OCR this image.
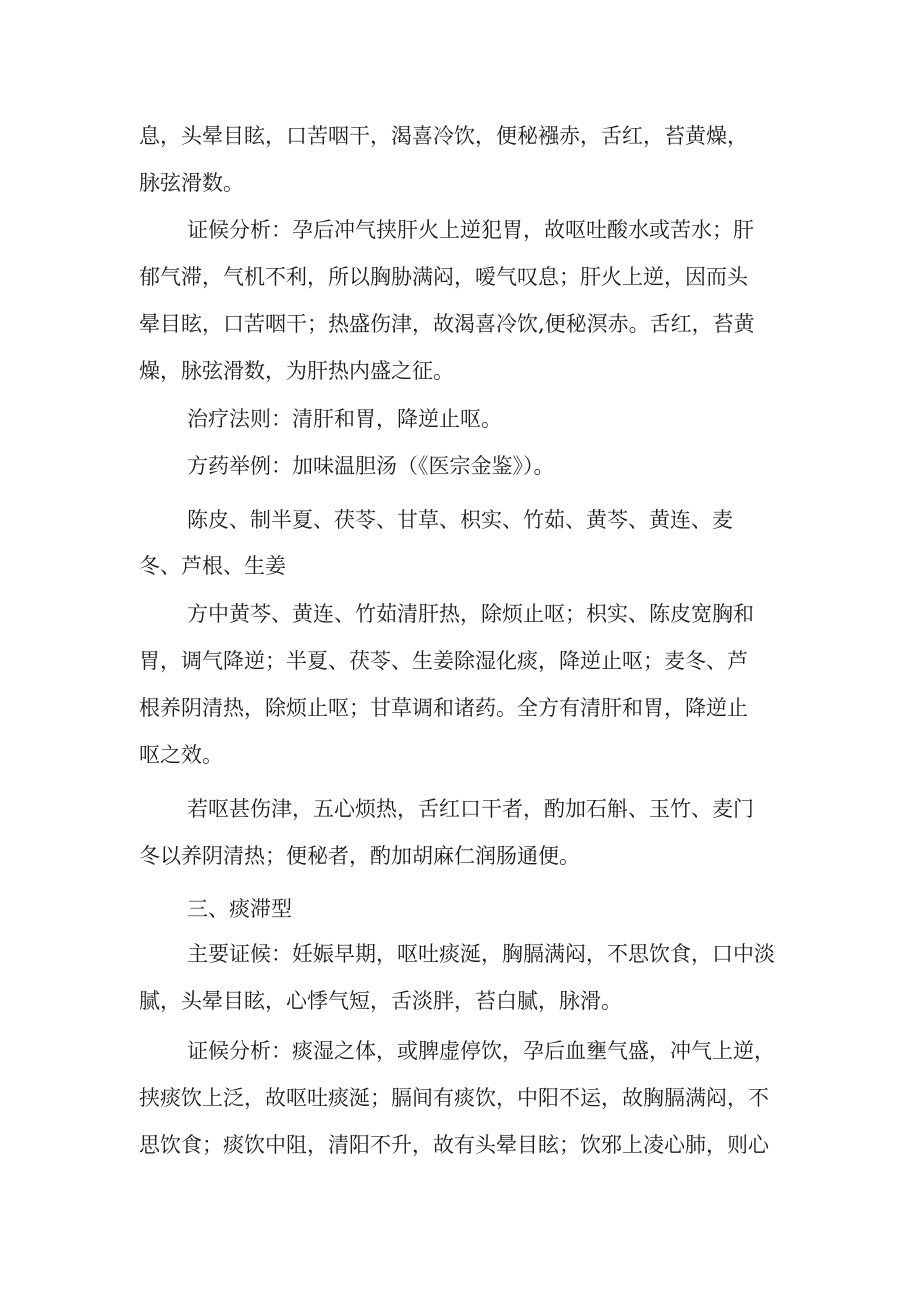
息，头晕目眩，口苦咽干，渴喜冷饮，便秘襁赤，舌红，苔黄燥，

脉弦滑数。

证候分析：孕后冲气挟肝火上逆犯胃，故呕吐酸水或苦水；肝

郁气滞，气机不利，所以胸胁满闷，嗳气叹息；肝火上逆，因而头

晕目眩，口苦咽干；热盛伤津，故渴喜冷饮,便秘溟赤。舌红，苔黄

燥，脉弦滑数，为肝热内盛之征。

治疗法则：清肝和胃，降逆止呕。

方药举例：加味温胆汤（《医宗金鉴》）。

陈皮、制半夏、茯苓、甘草、枳实、竹茹、黄芩、黄连、麦

冬、芦根、生姜

方中黄芩、黄连、竹茹清肝热，除烦止呕；枳实、陈皮宽胸和

胃，调气降逆；半夏、茯苓、生姜除湿化痰，降逆止呕；麦冬、芦

根养阴清热，除烦止呕；甘草调和诸药。全方有清肝和胃，降逆止

呕之效。

若呕甚伤津，五心烦热，舌红口干者，酌加石斛、玉竹、麦门

冬以养阴清热；便秘者，酌加胡麻仁润肠通便。

三、痰滞型

主要证候：妊娠早期，呕吐痰涎，胸膈满闷，不思饮食，口中淡

腻，头晕目眩，心悸气短，舌淡胖，苔白腻，脉滑。

证候分析：痰湿之体，或脾虚停饮，孕后血壅气盛，冲气上逆，

挟痰饮上泛，故呕吐痰涎；膈间有痰饮，中阳不运，故胸膈满闷，不

思饮食；痰饮中阻，清阳不升，故有头晕目眩；饮邪上凌心肺，则心
